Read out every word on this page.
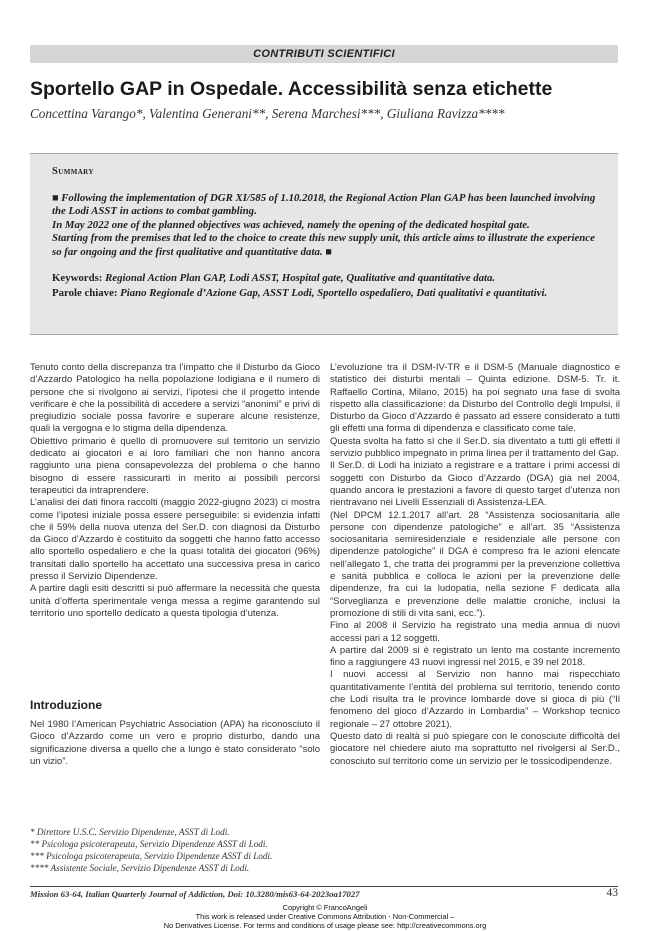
CONTRIBUTI SCIENTIFICI
Sportello GAP in Ospedale. Accessibilità senza etichette
Concettina Varango*, Valentina Generani**, Serena Marchesi***, Giuliana Ravizza****
Summary

■ Following the implementation of DGR XI/585 of 1.10.2018, the Regional Action Plan GAP has been launched involving the Lodi ASST in actions to combat gambling.

In May 2022 one of the planned objectives was achieved, namely the opening of the dedicated hospital gate.

Starting from the premises that led to the choice to create this new supply unit, this article aims to illustrate the experience so far ongoing and the first qualitative and quantitative data. ■

Keywords: Regional Action Plan GAP, Lodi ASST, Hospital gate, Qualitative and quantitative data.

Parole chiave: Piano Regionale d’Azione Gap, ASST Lodi, Sportello ospedaliero, Dati qualitativi e quantitativi.

Tenuto conto della discrepanza tra l’impatto che il Disturbo da Gioco d’Azzardo Patologico ha nella popolazione lodigiana e il numero di persone che si rivolgono ai servizi, l’ipotesi che il progetto intende verificare è che la possibilità di accedere a servizi “anonimi” e privi di pregiudizio sociale possa favorire e superare alcune resistenze, quali la vergogna e lo stigma della dipendenza.

Obiettivo primario è quello di promuovere sul territorio un servizio dedicato ai giocatori e ai loro familiari che non hanno ancora raggiunto una piena consapevolezza del problema o che hanno bisogno di essere rassicurarti in merito ai possibili percorsi terapeutici da intraprendere.

L’analisi dei dati finora raccolti (maggio 2022-giugno 2023) ci mostra come l’ipotesi iniziale possa essere perseguibile: si evidenzia infatti che il 59% della nuova utenza del Ser.D. con diagnosi da Disturbo da Gioco d’Azzardo è costituito da soggetti che hanno fatto accesso allo sportello ospedaliero e che la quasi totalità dei giocatori (96%) transitati dallo sportello ha accettato una successiva presa in carico presso il Servizio Dipendenze.

A partire dagli esiti descritti si può affermare la necessità che questa unità d’offerta sperimentale venga messa a regime garantendo sul territorio uno sportello dedicato a questa tipologia d’utenza.

Introduzione
Nel 1980 l’American Psychiatric Association (APA) ha riconosciuto il Gioco d’Azzardo come un vero e proprio disturbo, dando una significazione diversa a quello che a lungo è stato considerato “solo un vizio”.
* Direttore U.S.C. Servizio Dipendenze, ASST di Lodi.
** Psicologa psicoterapeuta, Servizio Dipendenze ASST di Lodi.
*** Psicologa psicoterapeuta, Servizio Dipendenze ASST di Lodi.
**** Assistente Sociale, Servizio Dipendenze ASST di Lodi.

L’evoluzione tra il DSM-IV-TR e il DSM-5 (Manuale diagnostico e statistico dei disturbi mentali – Quinta edizione. DSM-5. Tr. it. Raffaello Cortina, Milano, 2015) ha poi segnato una fase di svolta rispetto alla classificazione: da Disturbo del Controllo degli Impulsi, il Disturbo da Gioco d’Azzardo è passato ad essere considerato a tutti gli effetti una forma di dipendenza e classificato come tale.

Questa svolta ha fatto sì che il Ser.D. sia diventato a tutti gli effetti il servizio pubblico impegnato in prima linea per il trattamento del Gap.

Il Ser.D. di Lodi ha iniziato a registrare e a trattare i primi accessi di soggetti con Disturbo da Gioco d’Azzardo (DGA) già nel 2004, quando ancora le prestazioni a favore di questo target d’utenza non rientravano nei Livelli Essenziali di Assistenza-LEA.

(Nel DPCM 12.1.2017 all’art. 28 “Assistenza sociosanitaria alle persone con dipendenze patologiche” e all’art. 35 “Assistenza sociosanitaria semiresidenziale e residenziale alle persone con dipendenze patologiche” il DGA è compreso fra le azioni elencate nell’allegato 1, che tratta dei programmi per la prevenzione collettiva e sanità pubblica e colloca le azioni per la prevenzione delle dipendenze, fra cui la ludopatia, nella sezione F dedicata alla “Sorveglianza e prevenzione delle malattie croniche, inclusi la promozione di stili di vita sani, ecc.”).

Fino al 2008 il Servizio ha registrato una media annua di nuovi accessi pari a 12 soggetti.

A partire dal 2009 si è registrato un lento ma costante incremento fino a raggiungere 43 nuovi ingressi nel 2015, e 39 nel 2018.

I nuovi accessi al Servizio non hanno mai rispecchiato quantitativamente l’entità del problema sul territorio, tenendo conto che Lodi risulta tra le province lombarde dove si gioca di più (“Il fenomeno del gioco d’Azzardo in Lombardia” – Workshop tecnico regionale – 27 ottobre 2021).

Questo dato di realtà si può spiegare con le conosciute difficoltà del giocatore nel chiedere aiuto ma soprattutto nel rivolgersi al Ser.D., conosciuto sul territorio come un servizio per le tossicodipendenze.

Mission 63-64, Italian Quarterly Journal of Addiction, Doi: 10.3280/mis63-64-2023oa17027	43
Copyright © FrancoAngeli
This work is released under Creative Commons Attribution - Non-Commercial –
No Derivatives License. For terms and conditions of usage please see: http://creativecommons.org
